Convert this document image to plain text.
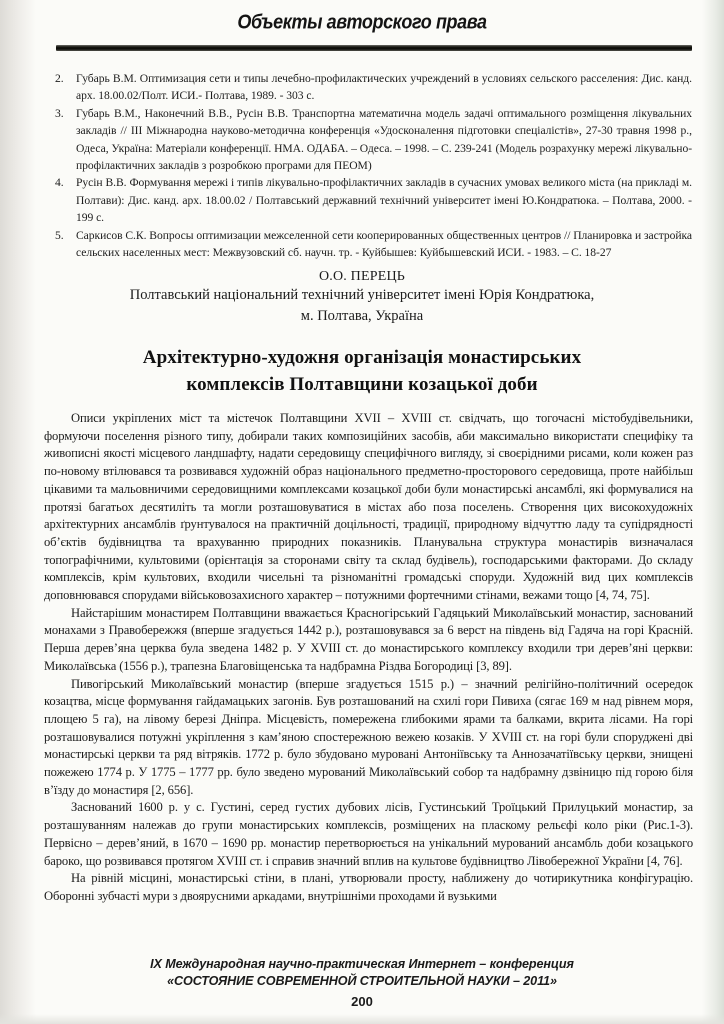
Объекты авторского права
2.	Губарь В.М. Оптимизация сети и типы лечебно-профилактических учреждений в условиях сельского расселения: Дис. канд. арх. 18.00.02/Полт. ИСИ.- Полтава, 1989. - 303 с.
3.	Губарь В.М., Наконечний В.В., Русін В.В. Транспортна математична модель задачі оптимального розміщення лікувальних закладів // III Міжнародна науково-методична конференція «Удосконалення підготовки спеціалістів», 27-30 травня 1998 р., Одеса, Україна: Матеріали конференції. НМА. ОДАБА. – Одеса. – 1998. – С. 239-241 (Модель розрахунку мережі лікувально-профілактичних закладів з розробкою програми для ПЕОМ)
4.	Русін В.В. Формування мережі і типів лікувально-профілактичних закладів в сучасних умовах великого міста (на прикладі м. Полтави): Дис. канд. арх. 18.00.02 / Полтавський державний технічний університет імені Ю.Кондратюка. – Полтава, 2000. - 199 с.
5.	Саркисов С.К. Вопросы оптимизации межселенной сети кооперированных общественных центров // Планировка и застройка сельских населенных мест: Межвузовский сб. научн. тр. - Куйбышев: Куйбышевский ИСИ. - 1983. – С. 18-27
О.О. ПЕРЕЦЬ
Полтавський національний технічний університет імені Юрія Кондратюка,
м. Полтава, Україна
Архітектурно-художня організація монастирських комплексів Полтавщини козацької доби

Описи укріплених міст та містечок Полтавщини XVII – XVIII ст. свідчать, що тогочасні містобудівельники, формуючи поселення різного типу, добирали таких композиційних засобів, аби максимально використати специфіку та живописні якості місцевого ландшафту, надати середовищу специфічного вигляду, зі своєрідними рисами, коли кожен раз по-новому втілювався та розвивався художній образ національного предметно-просторового середовища, проте найбільш цікавими та мальовничими середовищними комплексами козацької доби були монастирські ансамблі, які формувалися на протязі багатьох десятиліть та могли розташовуватися в містах або поза поселень. Створення цих високохудожніх архітектурних ансамблів ґрунтувалося на практичній доцільності, традиції, природному відчуттю ладу та супідрядності об’єктів будівництва та врахуванню природних показників. Планувальна структура монастирів визначалася топографічними, культовими (орієнтація за сторонами світу та склад будівель), господарськими факторами. До складу комплексів, крім культових, входили чисельні та різноманітні громадські споруди. Художній вид цих комплексів доповнювався спорудами військовозахисного характер – потужними фортечними стінами, вежами тощо [4, 74, 75].

Найстарішим монастирем Полтавщини вважається Красногірський Гадяцький Миколаївський монастир, заснований монахами з Правобережжя (вперше згадується 1442 р.), розташовувався за 6 верст на південь від Гадяча на горі Красній. Перша дерев’яна церква була зведена 1482 р. У XVIII ст. до монастирського комплексу входили три дерев’яні церкви: Миколаївська (1556 р.), трапезна Благовіщенська та надбрамна Різдва Богородиці [3, 89].

Пивогірський Миколаївський монастир (вперше згадується 1515 р.) – значний релігійно-політичний осередок козацтва, місце формування гайдамацьких загонів. Був розташований на схилі гори Пивиха (сягає 169 м над рівнем моря, площею 5 га), на лівому березі Дніпра. Місцевість, помережена глибокими ярами та балками, вкрита лісами. На горі розташовувалися потужні укріплення з кам’яною спостережною вежею козаків. У XVIII ст. на горі були споруджені дві монастирські церкви та ряд вітряків. 1772 р. було збудовано муровані Антоніївську та Аннозачатіївську церкви, знищені пожежею 1774 р. У 1775 – 1777 рр. було зведено мурований Миколаївський собор та надбрамну дзвіницю під горою біля в’їзду до монастиря [2, 656].

Заснований 1600 р. у с. Густині, серед густих дубових лісів, Густинський Троїцький Прилуцький монастир, за розташуванням належав до групи монастирських комплексів, розміщених на пласкому рельєфі коло ріки (Рис.1-3). Первісно – дерев’яний, в 1670 – 1690 рр. монастир перетворюється на унікальний мурований ансамбль доби козацького бароко, що розвивався протягом XVIII ст. і справив значний вплив на культове будівництво Лівобережної України [4, 76].

На рівній місцині, монастирські стіни, в плані, утворювали просту, наближену до чотирикутника конфігурацію. Оборонні зубчасті мури з двоярусними аркадами, внутрішніми проходами й вузькими

IX Международная научно-практическая Интернет – конференция
«СОСТОЯНИЕ СОВРЕМЕННОЙ СТРОИТЕЛЬНОЙ НАУКИ – 2011»
200
